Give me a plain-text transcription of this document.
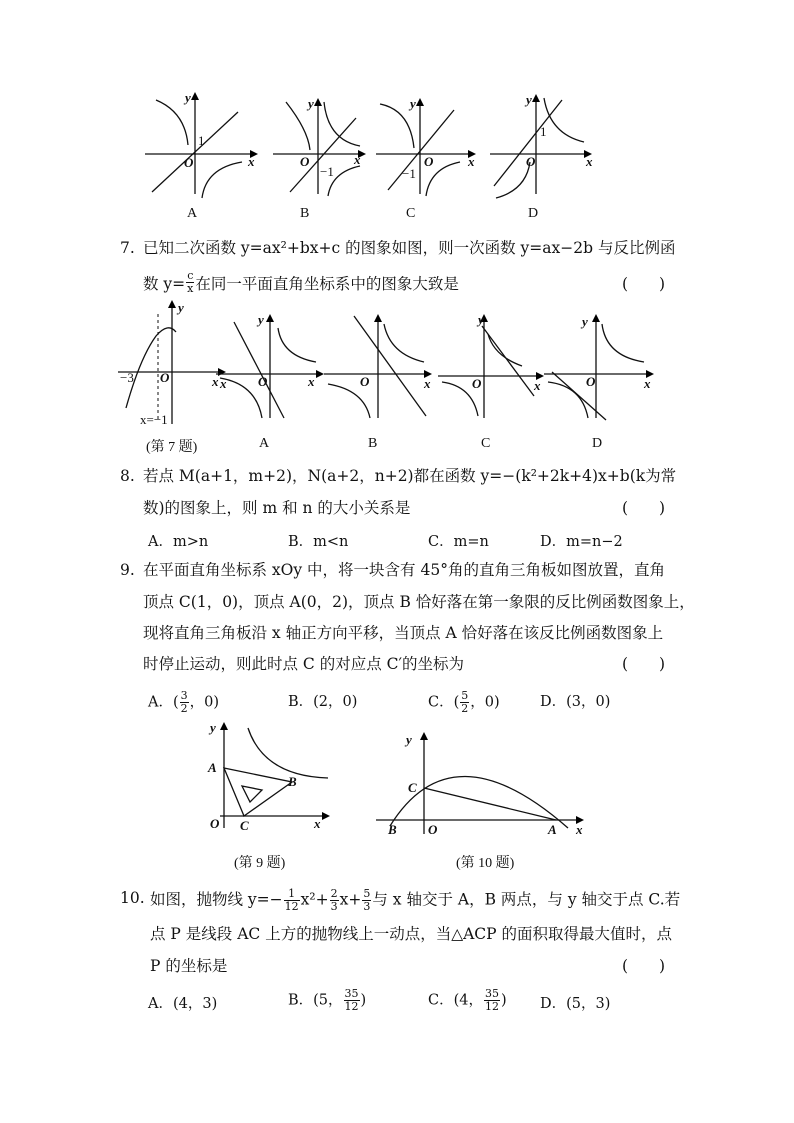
y
x
O
1
y
x
O
−1
y
x
O
−1
y
x
O
1
A	B	C	D
7. 已知二次函数 y=ax²+bx+c 的图象如图，则一次函数 y=ax−2b 与反比例函
数 $y= \frac{c}{x}$ 在同一平面直角坐标系中的图象大致是	(　　)
−3 O	x
y
x=−1
y
x O	x	O	x
y
O	x
y
O	x
(第 7 题)	A	B	C	D
8. 若点 M(a+1，m+2)，N(a+2，n+2)都在函数 y=−(k²+2k+4)x+b(k为常
数)的图象上，则 m 和 n 的大小关系是	(　　)
A．m>n	B．m<n	C．m=n	D．m=n−2
9. 在平面直角坐标系 xOy 中，将一块含有 45°角的直角三角板如图放置，直角
顶点 C(1，0)，顶点 A(0，2)，顶点 B 恰好落在第一象限的反比例函数图象上，
现将直角三角板沿 x 轴正方向平移，当顶点 A 恰好落在该反比例函数图象上
时停止运动，则此时点 C 的对应点 C′的坐标为	(　　)
A．( $\frac{3}{2}$ ，0)	B．(2，0)	C．( $\frac{5}{2}$ ，0)	D．(3，0)
y
A
B
O C	x
y
C
B O	A x
(第 9 题)	(第 10 题)
10. 如图，抛物线 $y=- \frac{1}{12} x^2+ \frac{2}{3} x+ \frac{5}{3}$ 与 x 轴交于 A，B 两点，与 y 轴交于点 C.若
点 P 是线段 AC 上方的抛物线上一动点，当△ACP 的面积取得最大值时，点
P 的坐标是	(　　)
A．(4，3)	B．(5， $\frac{35}{12}$ )	C．(4， $\frac{35}{12}$ ) D．(5，3)
